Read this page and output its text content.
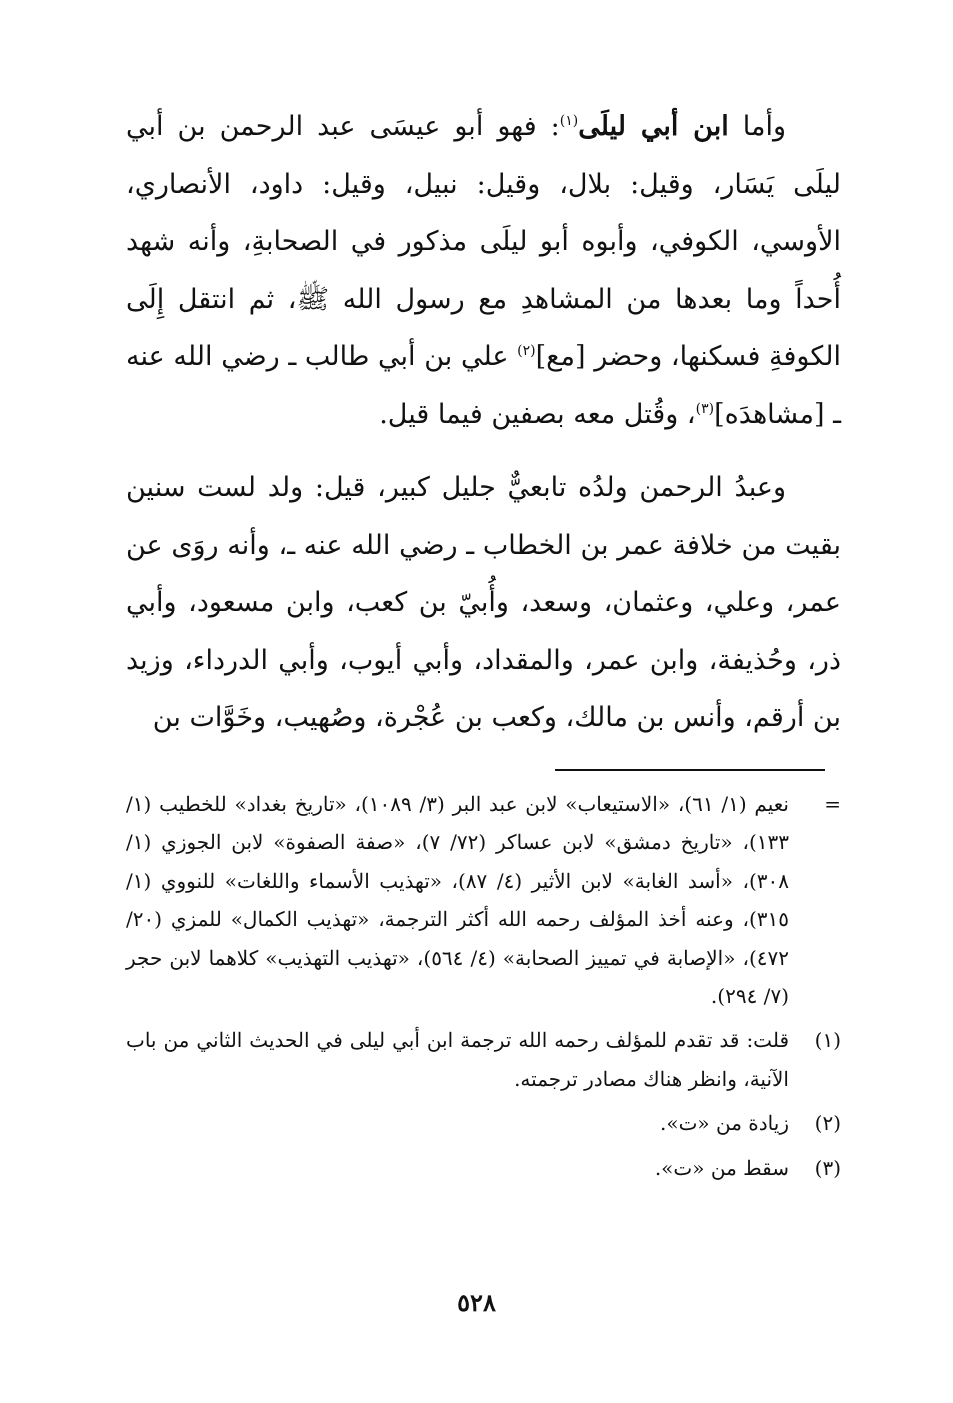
وأما ابن أبي ليلَى$^{(١)}$: فهو أبو عيسَى عبد الرحمن بن أبي ليلَى يَسَار، وقيل: بلال، وقيل: نبيل، وقيل: داود، الأنصاري، الأوسي، الكوفي، وأبوه أبو ليلَى مذكور في الصحابةِ، وأنه شهد أُحداً وما بعدها من المشاهدِ مع رسول الله ﷺ، ثم انتقل إِلَى الكوفةِ فسكنها، وحضر [مع]$^{(٢)}$ علي بن أبي طالب ـ رضي الله عنه ـ [مشاهدَه]$^{(٣)}$، وقُتل معه بصفين فيما قيل.

وعبدُ الرحمن ولدُه تابعيٌّ جليل كبير، قيل: ولد لست سنين بقيت من خلافة عمر بن الخطاب ـ رضي الله عنه ـ، وأنه روَى عن عمر، وعلي، وعثمان، وسعد، وأُبيّ بن كعب، وابن مسعود، وأبي ذر، وحُذيفة، وابن عمر، والمقداد، وأبي أيوب، وأبي الدرداء، وزيد بن أرقم، وأنس بن مالك، وكعب بن عُجْرة، وصُهيب، وخَوَّات بن

=
نعيم (١/ ٦١)، «الاستيعاب» لابن عبد البر (٣/ ١٠٨٩)، «تاريخ بغداد» للخطيب (١/ ١٣٣)، «تاريخ دمشق» لابن عساكر (٧٢/ ٧)، «صفة الصفوة» لابن الجوزي (١/ ٣٠٨)، «أسد الغابة» لابن الأثير (٤/ ٨٧)، «تهذيب الأسماء واللغات» للنووي (١/ ٣١٥)، وعنه أخذ المؤلف رحمه الله أكثر الترجمة، «تهذيب الكمال» للمزي (٢٠/ ٤٧٢)، «الإصابة في تمييز الصحابة» (٤/ ٥٦٤)، «تهذيب التهذيب» كلاهما لابن حجر (٧/ ٢٩٤).
(١)
قلت: قد تقدم للمؤلف رحمه الله ترجمة ابن أبي ليلى في الحديث الثاني من باب الآنية، وانظر هناك مصادر ترجمته.
(٢)
زيادة من «ت».
(٣)
سقط من «ت».
٥٢٨
